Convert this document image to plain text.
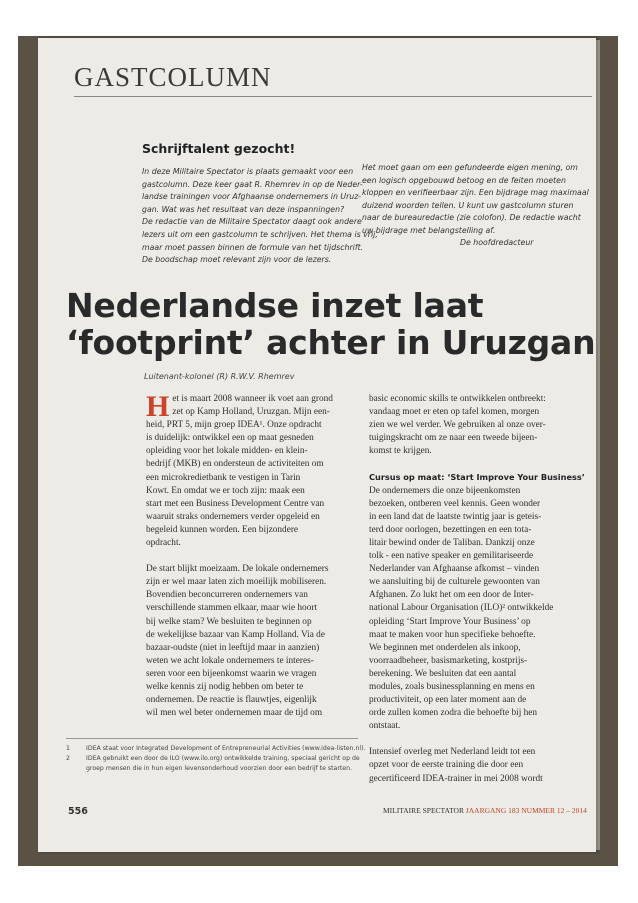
GASTCOLUMN
Schrijftalent gezocht!
In deze Militaire Spectator is plaats gemaakt voor een
gastcolumn. Deze keer gaat R. Rhemrev in op de Neder-
landse trainingen voor Afghaanse ondernemers in Uruz-
gan. Wat was het resultaat van deze inspanningen?
De redactie van de Militaire Spectator daagt ook andere
lezers uit om een gastcolumn te schrijven. Het thema is vrij,
maar moet passen binnen de formule van het tijdschrift.
De boodschap moet relevant zijn voor de lezers.
Het moet gaan om een gefundeerde eigen mening, om
een logisch opgebouwd betoog en de feiten moeten
kloppen en verifieerbaar zijn. Een bijdrage mag maximaal
duizend woorden tellen. U kunt uw gastcolumn sturen
naar de bureauredactie (zie colofon). De redactie wacht
uw bijdrage met belangstelling af.
De hoofdredacteur
Nederlandse inzet laat
‘footprint’ achter in Uruzgan
Luitenant-kolonel (R) R.W.V. Rhemrev
H et is maart 2008 wanneer ik voet aan grond
zet op Kamp Holland, Uruzgan. Mijn een-
heid, PRT 5, mijn groep IDEA¹. Onze opdracht
is duidelijk: ontwikkel een op maat gesneden
opleiding voor het lokale midden- en klein-
bedrijf (MKB) en ondersteun de activiteiten om
een microkredietbank te vestigen in Tarin
Kowt. En omdat we er toch zijn: maak een
start met een Business Development Centre van
waaruit straks ondernemers verder opgeleid en
begeleid kunnen worden. Een bijzondere
opdracht.
De start blijkt moeizaam. De lokale ondernemers
zijn er wel maar laten zich moeilijk mobiliseren.
Bovendien beconcurreren ondernemers van
verschillende stammen elkaar, maar wie hoort
bij welke stam? We besluiten te beginnen op
de wekelijkse bazaar van Kamp Holland. Via de
bazaar-oudste (niet in leeftijd maar in aanzien)
weten we acht lokale ondernemers te interes-
seren voor een bijeenkomst waarin we vragen
welke kennis zij nodig hebben om beter te
ondernemen. De reactie is flauwtjes, eigenlijk
wil men wel beter ondernemen maar de tijd om
basic economic skills te ontwikkelen ontbreekt:
vandaag moet er eten op tafel komen, morgen
zien we wel verder. We gebruiken al onze over-
tuigingskracht om ze naar een tweede bijeen-
komst te krijgen.
Cursus op maat: ‘Start Improve Your Business’
De ondernemers die onze bijeenkomsten
bezoeken, ontberen veel kennis. Geen wonder
in een land dat de laatste twintig jaar is geteis-
terd door oorlogen, bezettingen en een tota-
litair bewind onder de Taliban. Dankzij onze
tolk - een native speaker en gemilitariseerde
Nederlander van Afghaanse afkomst – vinden
we aansluiting bij de culturele gewoonten van
Afghanen. Zo lukt het om een door de Inter-
national Labour Organisation (ILO)² ontwikkelde
opleiding ‘Start Improve Your Business’ op
maat te maken voor hun specifieke behoefte.
We beginnen met onderdelen als inkoop,
voorraadbeheer, basismarketing, kostprijs-
berekening. We besluiten dat een aantal
modules, zoals businessplanning en mens en
productiviteit, op een later moment aan de
orde zullen komen zodra die behoefte bij hen
ontstaat.
Intensief overleg met Nederland leidt tot een
opzet voor de eerste training die door een
gecertificeerd IDEA-trainer in mei 2008 wordt
1	IDEA staat voor Integrated Development of Entrepreneurial Activities (www.idea-listen.nl).
2	IDEA gebruikt een door de ILO (www.ilo.org) ontwikkelde training, speciaal gericht op de
groep mensen die in hun eigen levensonderhoud voorzien door een bedrijf te starten.
556	MILITAIRE SPECTATOR JAARGANG 183 NUMMER 12 – 2014
